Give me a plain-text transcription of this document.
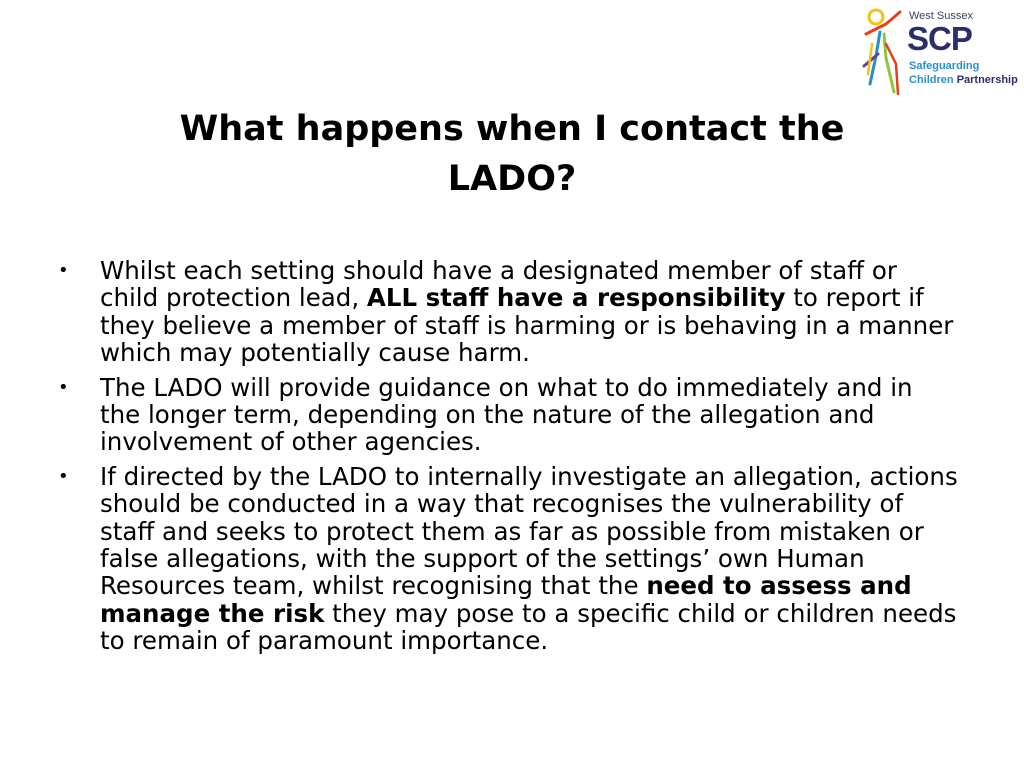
West Sussex
SCP
Safeguarding
Children Partnership
What happens when I contact the LADO?
• Whilst each setting should have a designated member of staff or child protection lead, ALL staff have a responsibility to report if they believe a member of staff is harming or is behaving in a manner which may potentially cause harm.
• The LADO will provide guidance on what to do immediately and in the longer term, depending on the nature of the allegation and involvement of other agencies.
• If directed by the LADO to internally investigate an allegation, actions should be conducted in a way that recognises the vulnerability of staff and seeks to protect them as far as possible from mistaken or false allegations, with the support of the settings’ own Human Resources team, whilst recognising that the need to assess and manage the risk they may pose to a specific child or children needs to remain of paramount importance.
